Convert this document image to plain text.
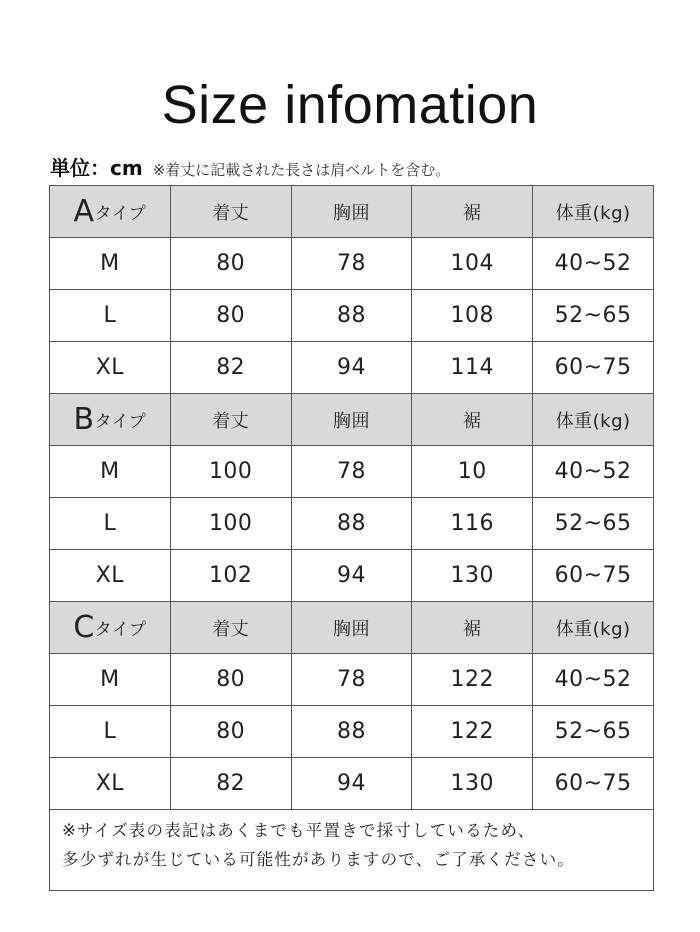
Size infomation
単位：cm ※着丈に記載された長さは肩ベルトを含む。
Aタイプ	着丈	胸囲	裾	体重(kg)
M	80	78	104	40~52
L	80	88	108	52~65
XL	82	94	114	60~75
Bタイプ	着丈	胸囲	裾	体重(kg)
M	100	78	10	40~52
L	100	88	116	52~65
XL	102	94	130	60~75
Cタイプ	着丈	胸囲	裾	体重(kg)
M	80	78	122	40~52
L	80	88	122	52~65
XL	82	94	130	60~75

※サイズ表の表記はあくまでも平置きで採寸しているため、
多少ずれが生じている可能性がありますので、ご了承ください。				
